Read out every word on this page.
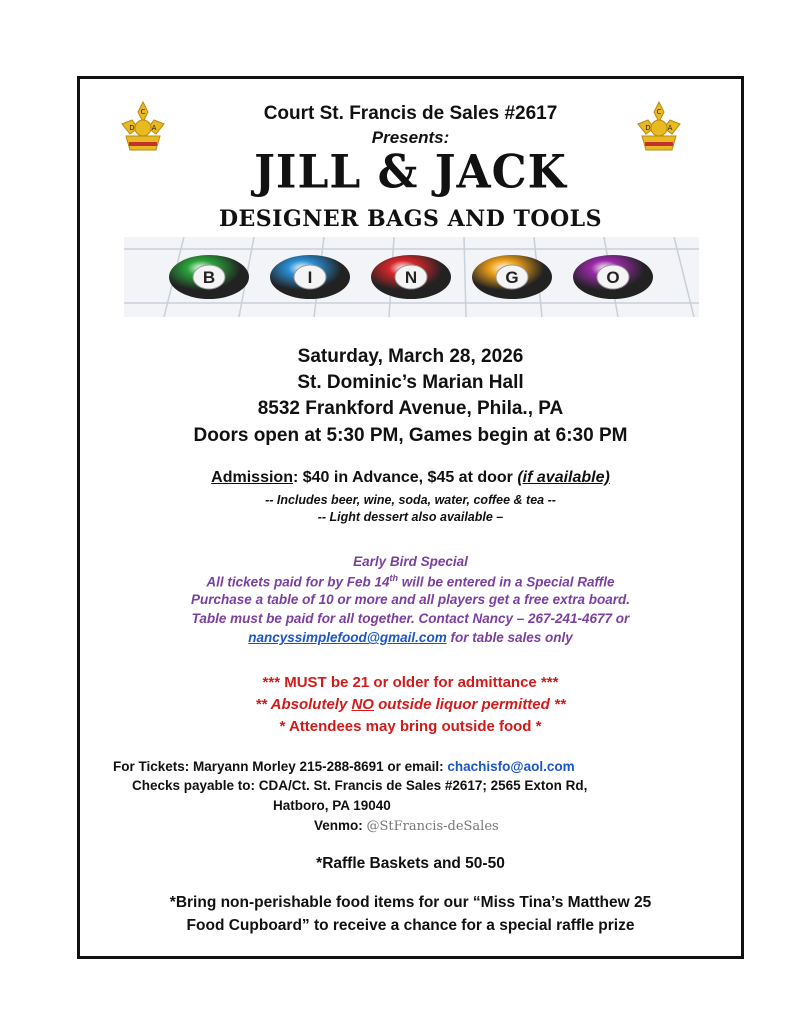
C
D A
C
D A
Court St. Francis de Sales #2617
Presents:
JILL & JACK
DESIGNER BAGS AND TOOLS
B	I	N	G	O
Saturday, March 28, 2026
St. Dominic’s Marian Hall
8532 Frankford Avenue, Phila., PA
Doors open at 5:30 PM, Games begin at 6:30 PM
Admission: $40 in Advance, $45 at door (if available)
-- Includes beer, wine, soda, water, coffee & tea --
-- Light dessert also available –
Early Bird Special
All tickets paid for by Feb 14th will be entered in a Special Raffle
Purchase a table of 10 or more and all players get a free extra board.
Table must be paid for all together. Contact Nancy – 267-241-4677 or
nancyssimplefood@gmail.com for table sales only
*** MUST be 21 or older for admittance ***
** Absolutely NO outside liquor permitted **
* Attendees may bring outside food *
For Tickets: Maryann Morley 215-288-8691 or email: chachisfo@aol.com
Checks payable to: CDA/Ct. St. Francis de Sales #2617; 2565 Exton Rd,
Hatboro, PA 19040
Venmo: @StFrancis-deSales
*Raffle Baskets and 50-50
*Bring non-perishable food items for our “Miss Tina’s Matthew 25
Food Cupboard” to receive a chance for a special raffle prize
